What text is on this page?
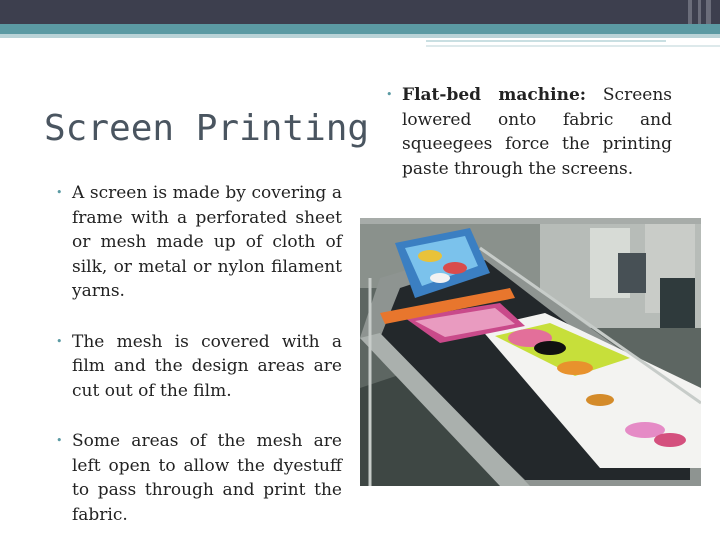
Screen Printing
• A screen is made by covering a frame with a perforated sheet or mesh made up of cloth of silk, or metal or nylon filament yarns.
• The mesh is covered with a film and the design areas are cut out of the film.
• Some areas of the mesh are left open to allow the dyestuff to pass through and print the fabric.
• Flat-bed machine: Screens lowered onto fabric and squeegees force the printing paste through the screens.
